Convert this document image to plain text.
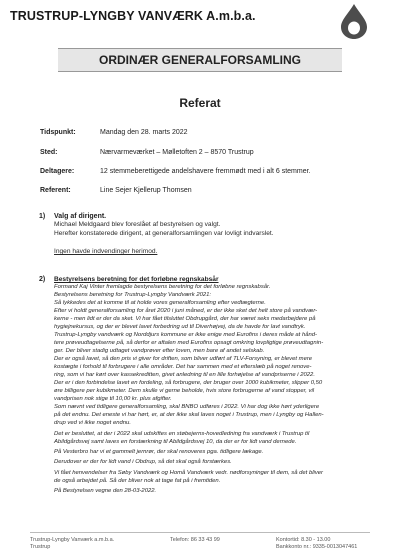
TRUSTRUP-LYNGBY VANVÆRK A.m.b.a.
ORDINÆR GENERALFORSAMLING
Referat
Tidspunkt:	Mandag den 28. marts 2022
Sted:	Nærvarmeværket – Mølletoften 2 – 8570 Trustrup
Deltagere:	12 stemmeberettigede andelshavere fremmødt med i alt 6 stemmer.
Referent:	Line Sejer Kjellerup Thomsen
1) Valg af dirigent.
Michael Meldgaard blev foreslået af bestyrelsen og valgt.
Herefter konstaterede dirigent, at generalforsamlingen var lovligt indvarslet.
Ingen havde indvendinger herimod.
2) Bestyrelsens beretning for det forløbne regnskabsår
Formand Kaj Vinter fremlagde bestyrelsens beretning for det forløbne regnskabsår.
Bestyrelsens beretning for Trustrup-Lyngby Vandværk 2021:
Så lykkedes det at komme til at holde vores generalforsamling efter vedtægterne.
Efter vi holdt generalforsamling for året 2020 i juni måned, er der ikke sket det helt store på vandvær-
kerne - men lidt er der da sket. Vi har fået tilsluttet Obdrupgård, der har været seks medarbejdere på
hygiejnekursus, og der er blevet lavet forbedring ud til Diverhøjvej, da de havde for lavt vandtryk.
Trustrup-Lyngby vandværk og Norddjurs kommune er ikke enige med Eurofins i deres måde at hånd-
tere prøveudtagelserne på, så derfor er aftalen med Eurofins opsagt omkring lovpligtige prøveudtagnin-
ger. Der bliver stadig udtaget vandprøver efter loven, men bare af andet selskab.
Der er også lavet, så den pris vi giver for driften, som bliver udført af TLV-Forsyning, er blevet mere
kostægte i forhold til forbrugere i alle områder. Det har sammen med et efterslæb på noget renove-
ring, som vi har kørt over kassekreditten, givet anledning til en lille forhøjelse af vandpriserne i 2022.
Der er i den forbindelse lavet en fordeling, så forbrugere, der bruger over 1000 kubikmeter, slipper 0,50
øre billigere per kubikmeter. Dem skulle vi gerne beholde, hvis store forbrugerne af vand stopper, vil
vandprisen nok stige til 10,00 kr. plus afgifter.
Som nævnt ved tidligere generalforsamling, skal BNBO udføres i 2022. Vi har dog ikke hørt yderligere
på det endnu. Det eneste vi har hørt, er, at der ikke skal laves noget i Trustrup, men i Lyngby og Hallen-
drup ved vi ikke noget endnu.
Det er besluttet, at der i 2022 skal udskiftes en støbejerns-hovedledning fra vandværk i Trustrup til
Abildgårdsvej samt laves en forstærkning til Abildgårdsvej 10, da der er for lidt vand dernede.
På Vesterbro har vi et gammelt jernrør, der skal renoveres pga. tidligere lækage.
Derudover er der for lidt vand i Obdrup, så det skal også forstærkes.
Vi fået henvendelser fra Søby Vandværk og Homå Vandværk vedr. nødforsyninger til dem, så det bliver
de også arbejdet på. Så der bliver nok at tage fat på i fremtiden.
På Bestyrelsen vegne den 28-03-2022.
Trustrup-Lyngby Vanværk a.m.b.a.
Trustrup
Telefon: 86 33 43 99	Kontortid: 8.30 - 13.00
Bankkonto nr.: 9335-0013047461
